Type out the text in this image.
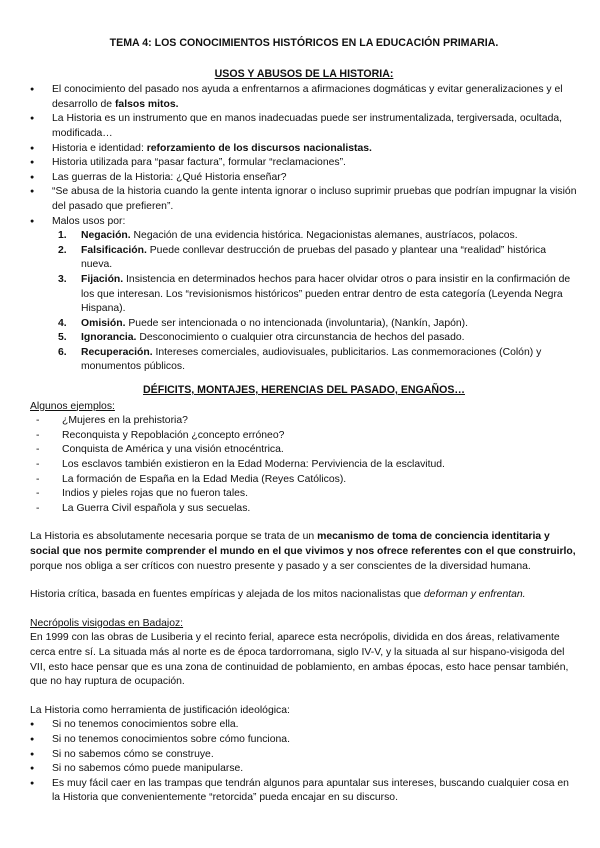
TEMA 4: LOS CONOCIMIENTOS HISTÓRICOS EN LA EDUCACIÓN PRIMARIA.
USOS Y ABUSOS DE LA HISTORIA:
● El conocimiento del pasado nos ayuda a enfrentarnos a afirmaciones dogmáticas y evitar generalizaciones y el desarrollo de falsos mitos.
● La Historia es un instrumento que en manos inadecuadas puede ser instrumentalizada, tergiversada, ocultada, modificada…
● Historia e identidad: reforzamiento de los discursos nacionalistas.
● Historia utilizada para “pasar factura”, formular “reclamaciones”.
● Las guerras de la Historia: ¿Qué Historia enseñar?
● “Se abusa de la historia cuando la gente intenta ignorar o incluso suprimir pruebas que podrían impugnar la visión del pasado que prefieren”.
● Malos usos por:
1. Negación. Negación de una evidencia histórica. Negacionistas alemanes, austríacos, polacos.
2. Falsificación. Puede conllevar destrucción de pruebas del pasado y plantear una “realidad” histórica nueva.
3. Fijación. Insistencia en determinados hechos para hacer olvidar otros o para insistir en la confirmación de los que interesan. Los “revisionismos históricos” pueden entrar dentro de esta categoría (Leyenda Negra Hispana).
4. Omisión. Puede ser intencionada o no intencionada (involuntaria), (Nankín, Japón).
5. Ignorancia. Desconocimiento o cualquier otra circunstancia de hechos del pasado.
6. Recuperación. Intereses comerciales, audiovisuales, publicitarios. Las conmemoraciones (Colón) y monumentos públicos.
DÉFICITS, MONTAJES, HERENCIAS DEL PASADO, ENGAÑOS…

Algunos ejemplos:

- ¿Mujeres en la prehistoria?
- Reconquista y Repoblación ¿concepto erróneo?
- Conquista de América y una visión etnocéntrica.
- Los esclavos también existieron en la Edad Moderna: Perviviencia de la esclavitud.
- La formación de España en la Edad Media (Reyes Católicos).
- Indios y pieles rojas que no fueron tales.
- La Guerra Civil española y sus secuelas.

La Historia es absolutamente necesaria porque se trata de un mecanismo de toma de conciencia identitaria y social que nos permite comprender el mundo en el que vivimos y nos ofrece referentes con el que construirlo, porque nos obliga a ser críticos con nuestro presente y pasado y a ser conscientes de la diversidad humana.

Historia crítica, basada en fuentes empíricas y alejada de los mitos nacionalistas que deforman y enfrentan.

Necrópolis visigodas en Badajoz:

En 1999 con las obras de Lusiberia y el recinto ferial, aparece esta necrópolis, dividida en dos áreas, relativamente cerca entre sí. La situada más al norte es de época tardorromana, siglo IV-V, y la situada al sur hispano-visigoda del VII, esto hace pensar que es una zona de continuidad de poblamiento, en ambas épocas, esto hace pensar también, que no hay ruptura de ocupación.

La Historia como herramienta de justificación ideológica:

● Si no tenemos conocimientos sobre ella.
● Si no tenemos conocimientos sobre cómo funciona.
● Si no sabemos cómo se construye.
● Si no sabemos cómo puede manipularse.
● Es muy fácil caer en las trampas que tendrán algunos para apuntalar sus intereses, buscando cualquier cosa en la Historia que convenientemente “retorcida” pueda encajar en su discurso.
